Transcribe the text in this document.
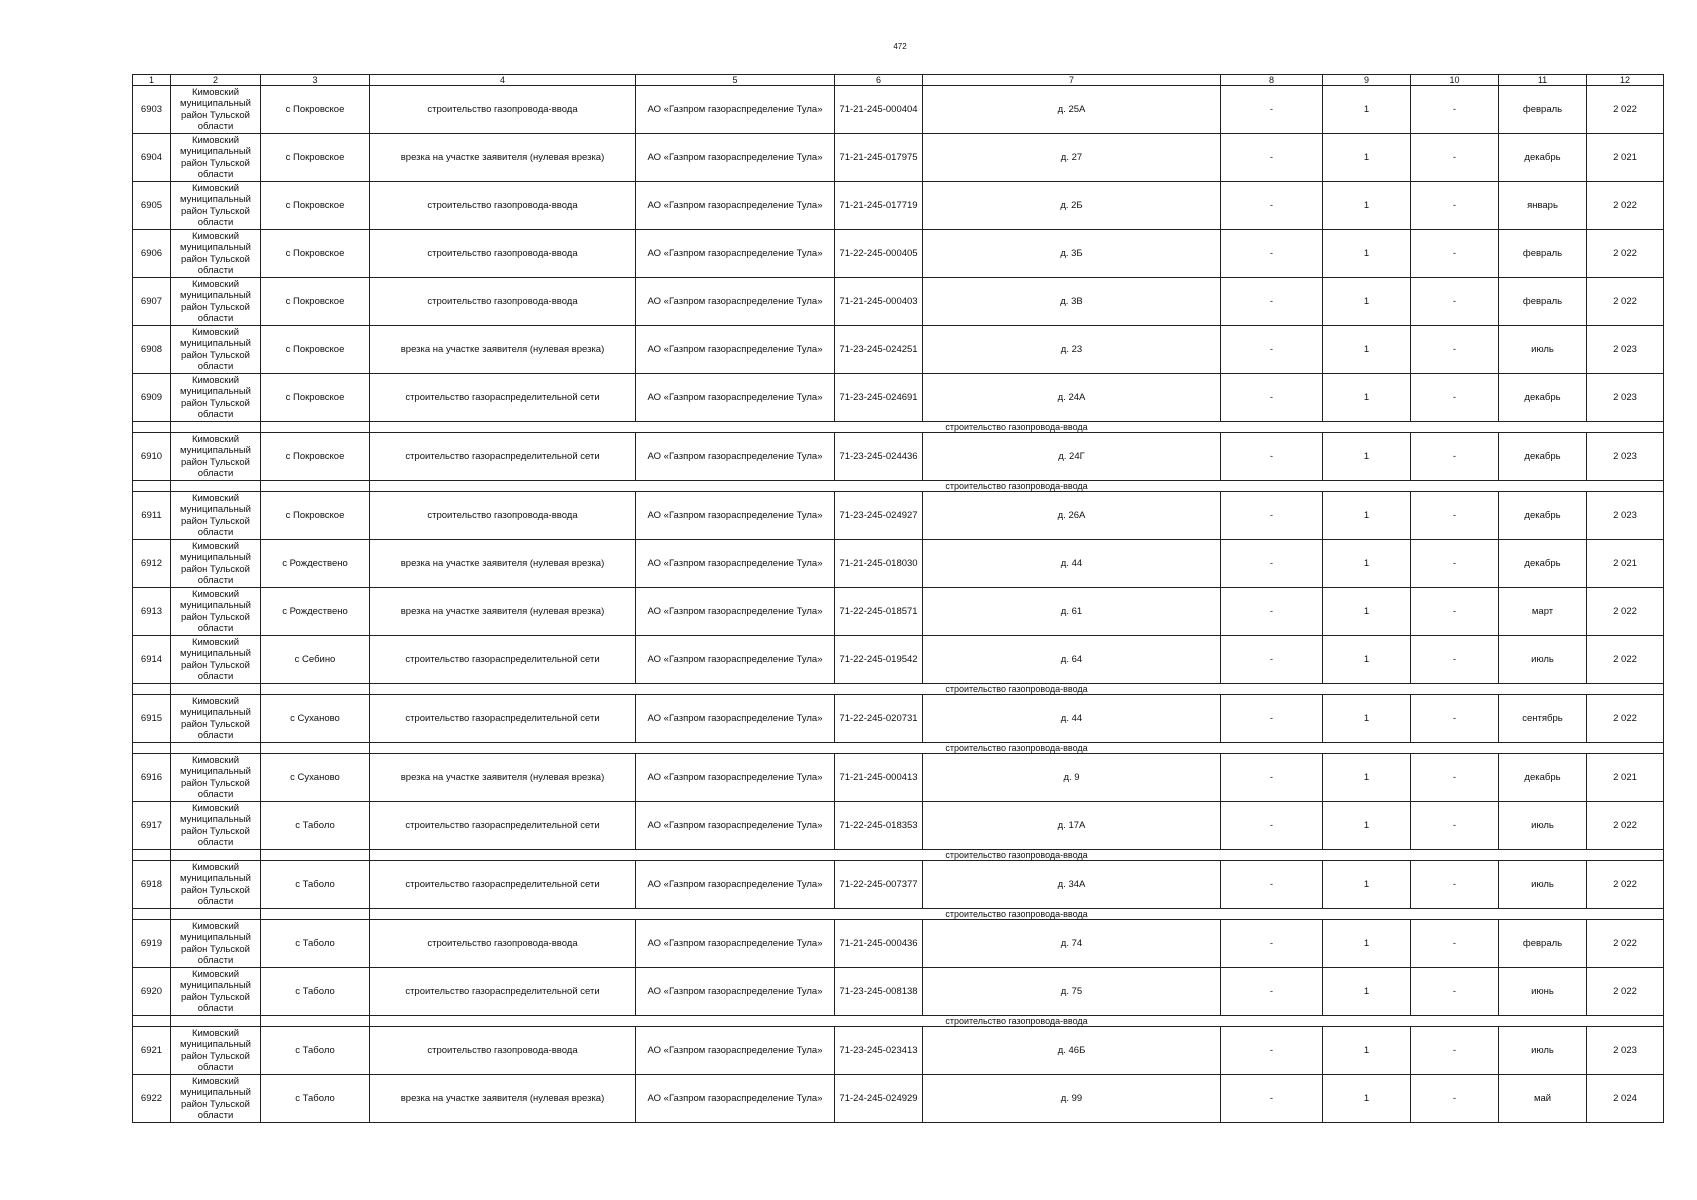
472
1	2	3	4	5	6	7	8	9	10	11	12
6903	Кимовский муниципальный район Тульской области	с Покровское	строительство газопровода-ввода	АО «Газпром газораспределение Тула»	71-21-245-000404	д. 25А	-	1	-	февраль	2 022
6904	Кимовский муниципальный район Тульской области	с Покровское	врезка на участке заявителя (нулевая врезка)	АО «Газпром газораспределение Тула»	71-21-245-017975	д. 27	-	1	-	декабрь	2 021
6905	Кимовский муниципальный район Тульской области	с Покровское	строительство газопровода-ввода	АО «Газпром газораспределение Тула»	71-21-245-017719	д. 2Б	-	1	-	январь	2 022
6906	Кимовский муниципальный район Тульской области	с Покровское	строительство газопровода-ввода	АО «Газпром газораспределение Тула»	71-22-245-000405	д. 3Б	-	1	-	февраль	2 022
6907	Кимовский муниципальный район Тульской области	с Покровское	строительство газопровода-ввода	АО «Газпром газораспределение Тула»	71-21-245-000403	д. 3В	-	1	-	февраль	2 022
6908	Кимовский муниципальный район Тульской области	с Покровское	врезка на участке заявителя (нулевая врезка)	АО «Газпром газораспределение Тула»	71-23-245-024251	д. 23	-	1	-	июль	2 023
6909	Кимовский муниципальный район Тульской области	с Покровское	строительство газораспределительной сети	АО «Газпром газораспределение Тула»	71-23-245-024691	д. 24А	-	1	-	декабрь	2 023
			строительство газопровода-ввода								
6910	Кимовский муниципальный район Тульской области	с Покровское	строительство газораспределительной сети	АО «Газпром газораспределение Тула»	71-23-245-024436	д. 24Г	-	1	-	декабрь	2 023
			строительство газопровода-ввода								
6911	Кимовский муниципальный район Тульской области	с Покровское	строительство газопровода-ввода	АО «Газпром газораспределение Тула»	71-23-245-024927	д. 26А	-	1	-	декабрь	2 023
6912	Кимовский муниципальный район Тульской области	с Рождествено	врезка на участке заявителя (нулевая врезка)	АО «Газпром газораспределение Тула»	71-21-245-018030	д. 44	-	1	-	декабрь	2 021
6913	Кимовский муниципальный район Тульской области	с Рождествено	врезка на участке заявителя (нулевая врезка)	АО «Газпром газораспределение Тула»	71-22-245-018571	д. 61	-	1	-	март	2 022
6914	Кимовский муниципальный район Тульской области	с Себино	строительство газораспределительной сети	АО «Газпром газораспределение Тула»	71-22-245-019542	д. 64	-	1	-	июль	2 022
			строительство газопровода-ввода								
6915	Кимовский муниципальный район Тульской области	с Суханово	строительство газораспределительной сети	АО «Газпром газораспределение Тула»	71-22-245-020731	д. 44	-	1	-	сентябрь	2 022
			строительство газопровода-ввода								
6916	Кимовский муниципальный район Тульской области	с Суханово	врезка на участке заявителя (нулевая врезка)	АО «Газпром газораспределение Тула»	71-21-245-000413	д. 9	-	1	-	декабрь	2 021
6917	Кимовский муниципальный район Тульской области	с Таболо	строительство газораспределительной сети	АО «Газпром газораспределение Тула»	71-22-245-018353	д. 17А	-	1	-	июль	2 022
			строительство газопровода-ввода								
6918	Кимовский муниципальный район Тульской области	с Таболо	строительство газораспределительной сети	АО «Газпром газораспределение Тула»	71-22-245-007377	д. 34А	-	1	-	июль	2 022
			строительство газопровода-ввода								
6919	Кимовский муниципальный район Тульской области	с Таболо	строительство газопровода-ввода	АО «Газпром газораспределение Тула»	71-21-245-000436	д. 74	-	1	-	февраль	2 022
6920	Кимовский муниципальный район Тульской области	с Таболо	строительство газораспределительной сети	АО «Газпром газораспределение Тула»	71-23-245-008138	д. 75	-	1	-	июнь	2 022
			строительство газопровода-ввода								
6921	Кимовский муниципальный район Тульской области	с Таболо	строительство газопровода-ввода	АО «Газпром газораспределение Тула»	71-23-245-023413	д. 46Б	-	1	-	июль	2 023
6922	Кимовский муниципальный район Тульской области	с Таболо	врезка на участке заявителя (нулевая врезка)	АО «Газпром газораспределение Тула»	71-24-245-024929	д. 99	-	1	-	май	2 024
